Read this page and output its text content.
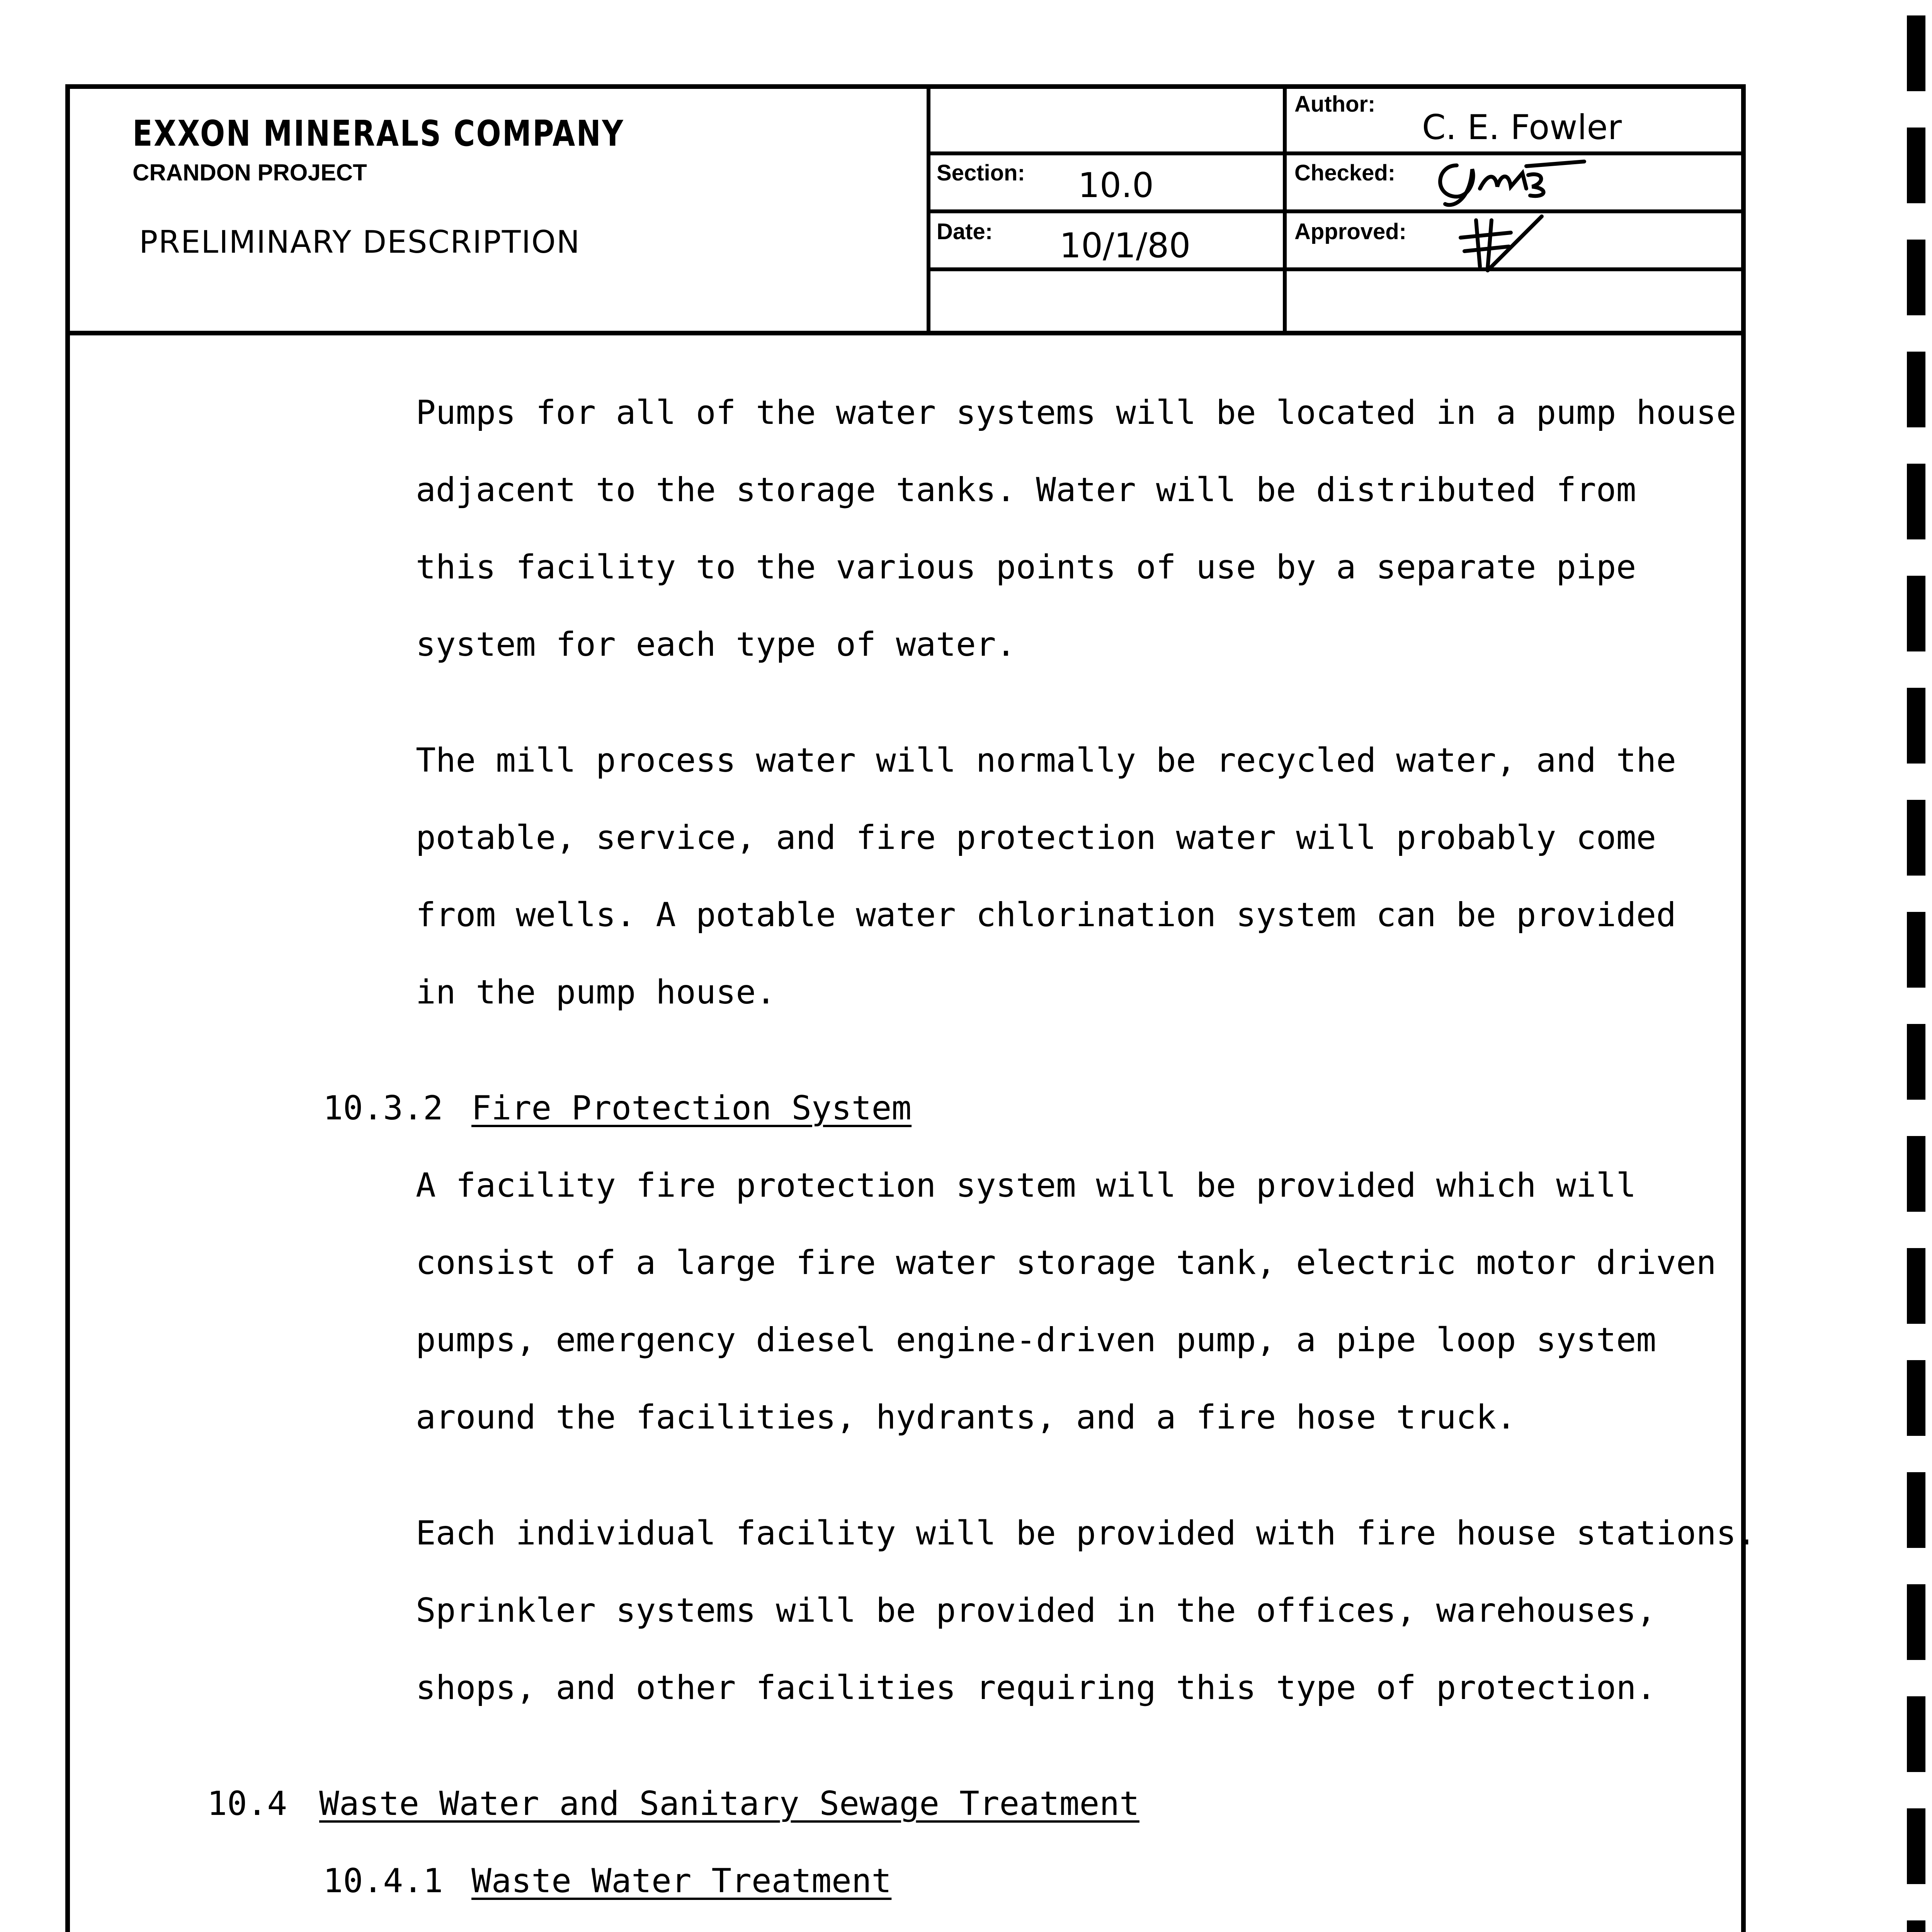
EXXON MINERALS COMPANY
CRANDON PROJECT
PRELIMINARY DESCRIPTION
Author:
C. E. Fowler
Section: 10.0	Checked:
Date: 10/1/80	Approved:
Pumps for all of the water systems will be located in a pump house
adjacent to the storage tanks. Water will be distributed from
this facility to the various points of use by a separate pipe
system for each type of water.
The mill process water will normally be recycled water, and the
potable, service, and fire protection water will probably come
from wells. A potable water chlorination system can be provided
in the pump house.
10.3.2 Fire Protection System
A facility fire protection system will be provided which will
consist of a large fire water storage tank, electric motor driven
pumps, emergency diesel engine-driven pump, a pipe loop system
around the facilities, hydrants, and a fire hose truck.
Each individual facility will be provided with fire house stations.
Sprinkler systems will be provided in the offices, warehouses,
shops, and other facilities requiring this type of protection.
10.4 Waste Water and Sanitary Sewage Treatment
10.4.1 Waste Water Treatment
